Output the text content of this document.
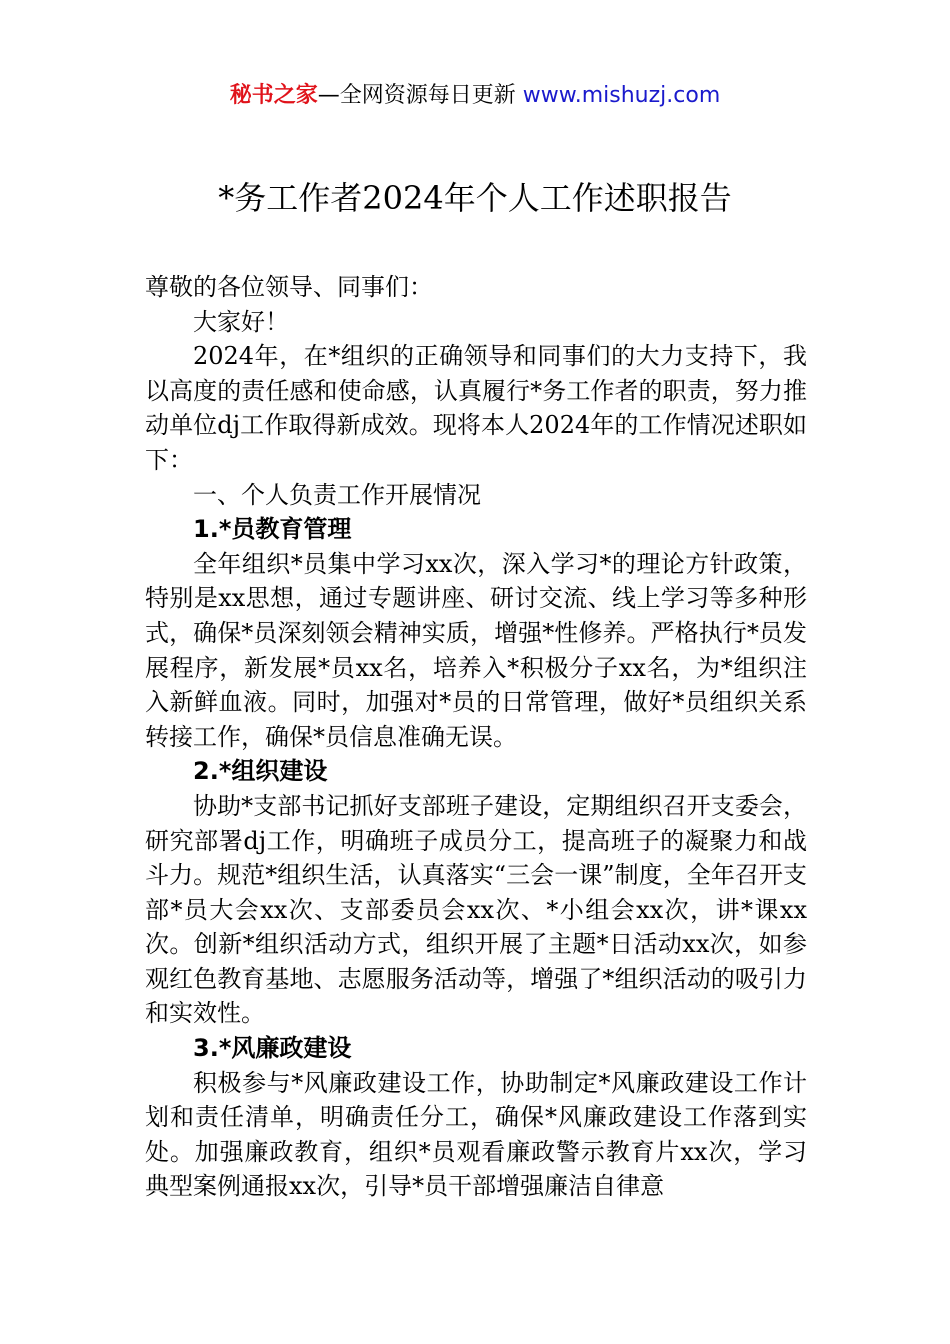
秘书之家—全网资源每日更新 www.mishuzj.com
*务工作者2024年个人工作述职报告

尊敬的各位领导、同事们：

大家好！

2024年，在*组织的正确领导和同事们的大力支持下，我以高度的责任感和使命感，认真履行*务工作者的职责，努力推动单位dj工作取得新成效。现将本人2024年的工作情况述职如下：

一、个人负责工作开展情况

1.*员教育管理

全年组织*员集中学习xx次，深入学习*的理论方针政策，特别是xx思想，通过专题讲座、研讨交流、线上学习等多种形式，确保*员深刻领会精神实质，增强*性修养。严格执行*员发展程序，新发展*员xx名，培养入*积极分子xx名，为*组织注入新鲜血液。同时，加强对*员的日常管理，做好*员组织关系转接工作，确保*员信息准确无误。

2.*组织建设

协助*支部书记抓好支部班子建设，定期组织召开支委会，研究部署dj工作，明确班子成员分工，提高班子的凝聚力和战斗力。规范*组织生活，认真落实“三会一课”制度，全年召开支部*员大会xx次、支部委员会xx次、*小组会xx次，讲*课xx次。创新*组织活动方式，组织开展了主题*日活动xx次，如参观红色教育基地、志愿服务活动等，增强了*组织活动的吸引力和实效性。

3.*风廉政建设

积极参与*风廉政建设工作，协助制定*风廉政建设工作计划和责任清单，明确责任分工，确保*风廉政建设工作落到实处。加强廉政教育，组织*员观看廉政警示教育片xx次，学习典型案例通报xx次，引导*员干部增强廉洁自律意
